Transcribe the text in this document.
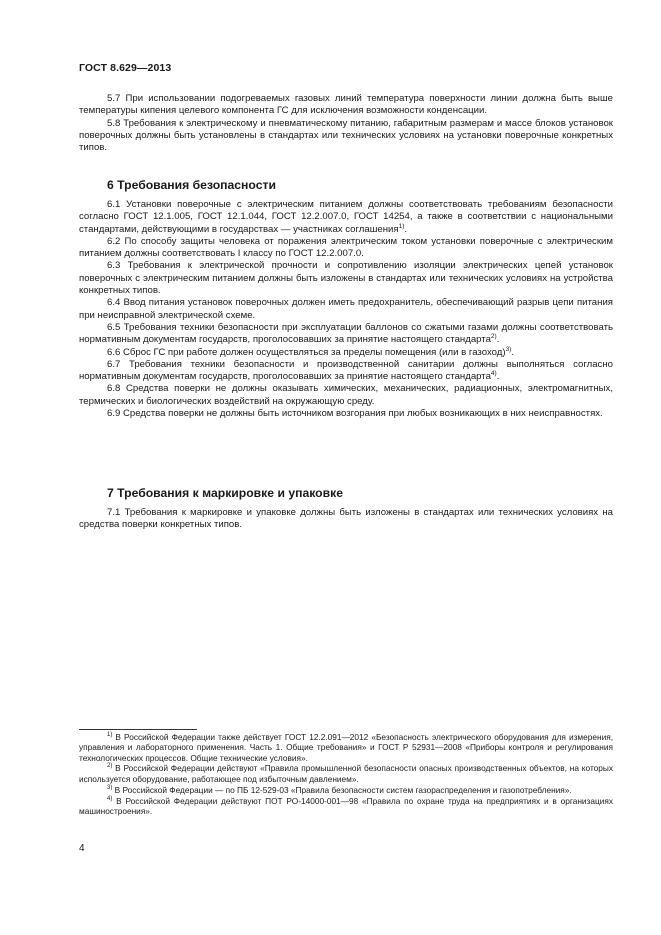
ГОСТ 8.629—2013

5.7 При использовании подогреваемых газовых линий температура поверхности линии должна быть выше температуры кипения целевого компонента ГС для исключения возможности конденсации.

5.8 Требования к электрическому и пневматическому питанию, габаритным размерам и массе блоков установок поверочных должны быть установлены в стандартах или технических условиях на установки поверочные конкретных типов.

6 Требования безопасности

6.1 Установки поверочные с электрическим питанием должны соответствовать требованиям безопасности согласно ГОСТ 12.1.005, ГОСТ 12.1.044, ГОСТ 12.2.007.0, ГОСТ 14254, а также в соответствии с национальными стандартами, действующими в государствах — участниках соглашения$^{1)}$.

6.2 По способу защиты человека от поражения электрическим током установки поверочные с электрическим питанием должны соответствовать I классу по ГОСТ 12.2.007.0.

6.3 Требования к электрической прочности и сопротивлению изоляции электрических цепей установок поверочных с электрическим питанием должны быть изложены в стандартах или технических условиях на устройства конкретных типов.

6.4 Ввод питания установок поверочных должен иметь предохранитель, обеспечивающий разрыв цепи питания при неисправной электрической схеме.

6.5 Требования техники безопасности при эксплуатации баллонов со сжатыми газами должны соответствовать нормативным документам государств, проголосовавших за принятие настоящего стандарта$^{2)}$.

6.6 Сброс ГС при работе должен осуществляться за пределы помещения (или в газоход)$^{3)}$.

6.7 Требования техники безопасности и производственной санитарии должны выполняться согласно нормативным документам государств, проголосовавших за принятие настоящего стандарта$^{4)}$.

6.8 Средства поверки не должны оказывать химических, механических, радиационных, электромагнитных, термических и биологических воздействий на окружающую среду.

6.9 Средства поверки не должны быть источником возгорания при любых возникающих в них неисправностях.

7 Требования к маркировке и упаковке

7.1 Требования к маркировке и упаковке должны быть изложены в стандартах или технических условиях на средства поверки конкретных типов.

$^{1)}$ В Российской Федерации также действует ГОСТ 12.2.091—2012 «Безопасность электрического оборудования для измерения, управления и лабораторного применения. Часть 1. Общие требования» и ГОСТ Р 52931—2008 «Приборы контроля и регулирования технологических процессов. Общие технические условия».

$^{2)}$ В Российской Федерации действуют «Правила промышленной безопасности опасных производственных объектов, на которых используется оборудование, работающее под избыточным давлением».

$^{3)}$ В Российской Федерации — по ПБ 12-529-03 «Правила безопасности систем газораспределения и газопотребления».

$^{4)}$ В Российской Федерации действуют ПОТ РО-14000-001—98 «Правила по охране труда на предприятиях и в организациях машиностроения».

4
